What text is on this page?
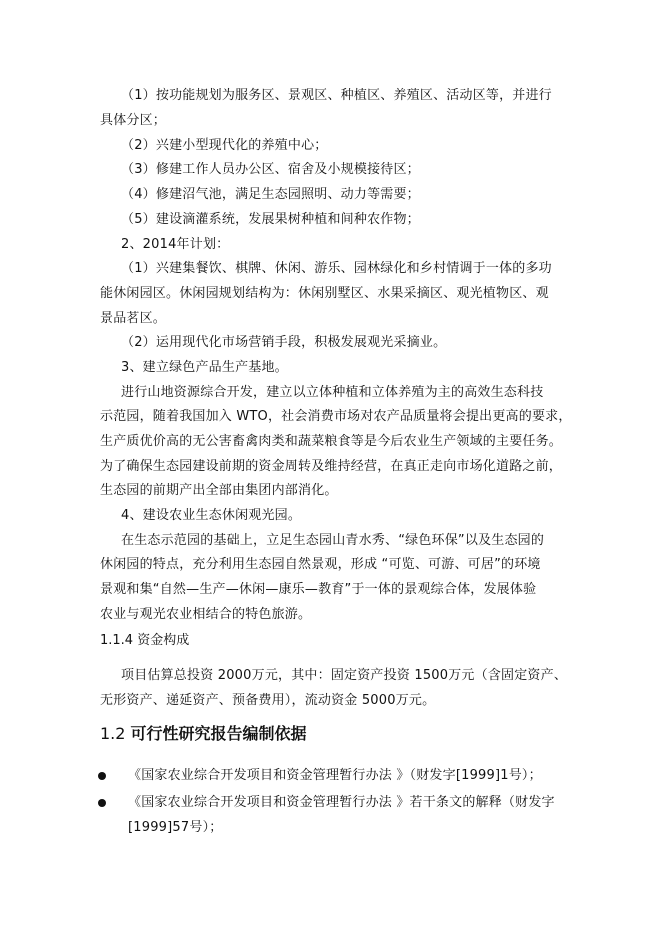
（1）按功能规划为服务区、景观区、种植区、养殖区、活动区等，并进行
具体分区；
（2）兴建小型现代化的养殖中心；
（3）修建工作人员办公区、宿舍及小规模接待区；
（4）修建沼气池，满足生态园照明、动力等需要；
（5）建设滴灌系统，发展果树种植和间种农作物；
2、2014年计划：
（1）兴建集餐饮、棋牌、休闲、游乐、园林绿化和乡村情调于一体的多功
能休闲园区。休闲园规划结构为：休闲别墅区、水果采摘区、观光植物区、观
景品茗区。
（2）运用现代化市场营销手段，积极发展观光采摘业。
3、建立绿色产品生产基地。
进行山地资源综合开发，建立以立体种植和立体养殖为主的高效生态科技
示范园，随着我国加入 WTO，社会消费市场对农产品质量将会提出更高的要求，
生产质优价高的无公害畜禽肉类和蔬菜粮食等是今后农业生产领域的主要任务。
为了确保生态园建设前期的资金周转及维持经营，在真正走向市场化道路之前，
生态园的前期产出全部由集团内部消化。
4、建设农业生态休闲观光园。
在生态示范园的基础上，立足生态园山青水秀、“绿色环保”以及生态园的
休闲园的特点，充分利用生态园自然景观，形成 “可览、可游、可居”的环境
景观和集“自然—生产—休闲—康乐—教育”于一体的景观综合体，发展体验
农业与观光农业相结合的特色旅游。
1.1.4 资金构成
项目估算总投资 2000万元，其中：固定资产投资 1500万元（含固定资产、
无形资产、递延资产、预备费用），流动资金 5000万元。
1.2 可行性研究报告编制依据
《国家农业综合开发项目和资金管理暂行办法 》（财发字[1999]1号）；
《国家农业综合开发项目和资金管理暂行办法 》若干条文的解释（财发字
[1999]57号）；
